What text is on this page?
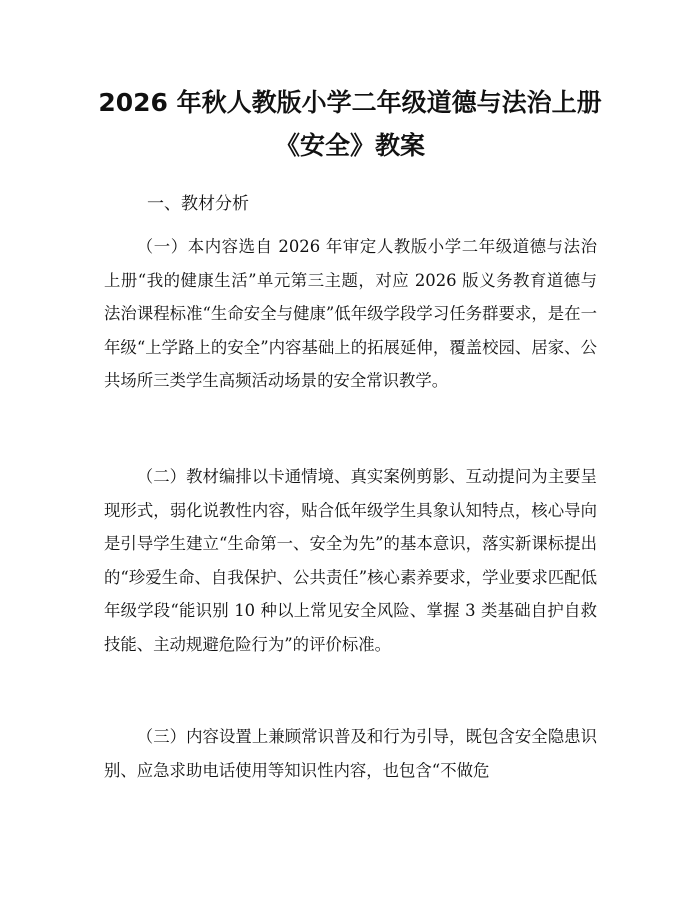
2026 年秋人教版小学二年级道德与法治上册
《安全》教案
一、教材分析

（一）本内容选自 2026 年审定人教版小学二年级道德与法治上册“我的健康生活”单元第三主题，对应 2026 版义务教育道德与法治课程标准“生命安全与健康”低年级学段学习任务群要求，是在一年级“上学路上的安全”内容基础上的拓展延伸，覆盖校园、居家、公共场所三类学生高频活动场景的安全常识教学。

（二）教材编排以卡通情境、真实案例剪影、互动提问为主要呈现形式，弱化说教性内容，贴合低年级学生具象认知特点，核心导向是引导学生建立“生命第一、安全为先”的基本意识，落实新课标提出的“珍爱生命、自我保护、公共责任”核心素养要求，学业要求匹配低年级学段“能识别 10 种以上常见安全风险、掌握 3 类基础自护自救技能、主动规避危险行为”的评价标准。

（三）内容设置上兼顾常识普及和行为引导，既包含安全隐患识别、应急求助电话使用等知识性内容，也包含“不做危
